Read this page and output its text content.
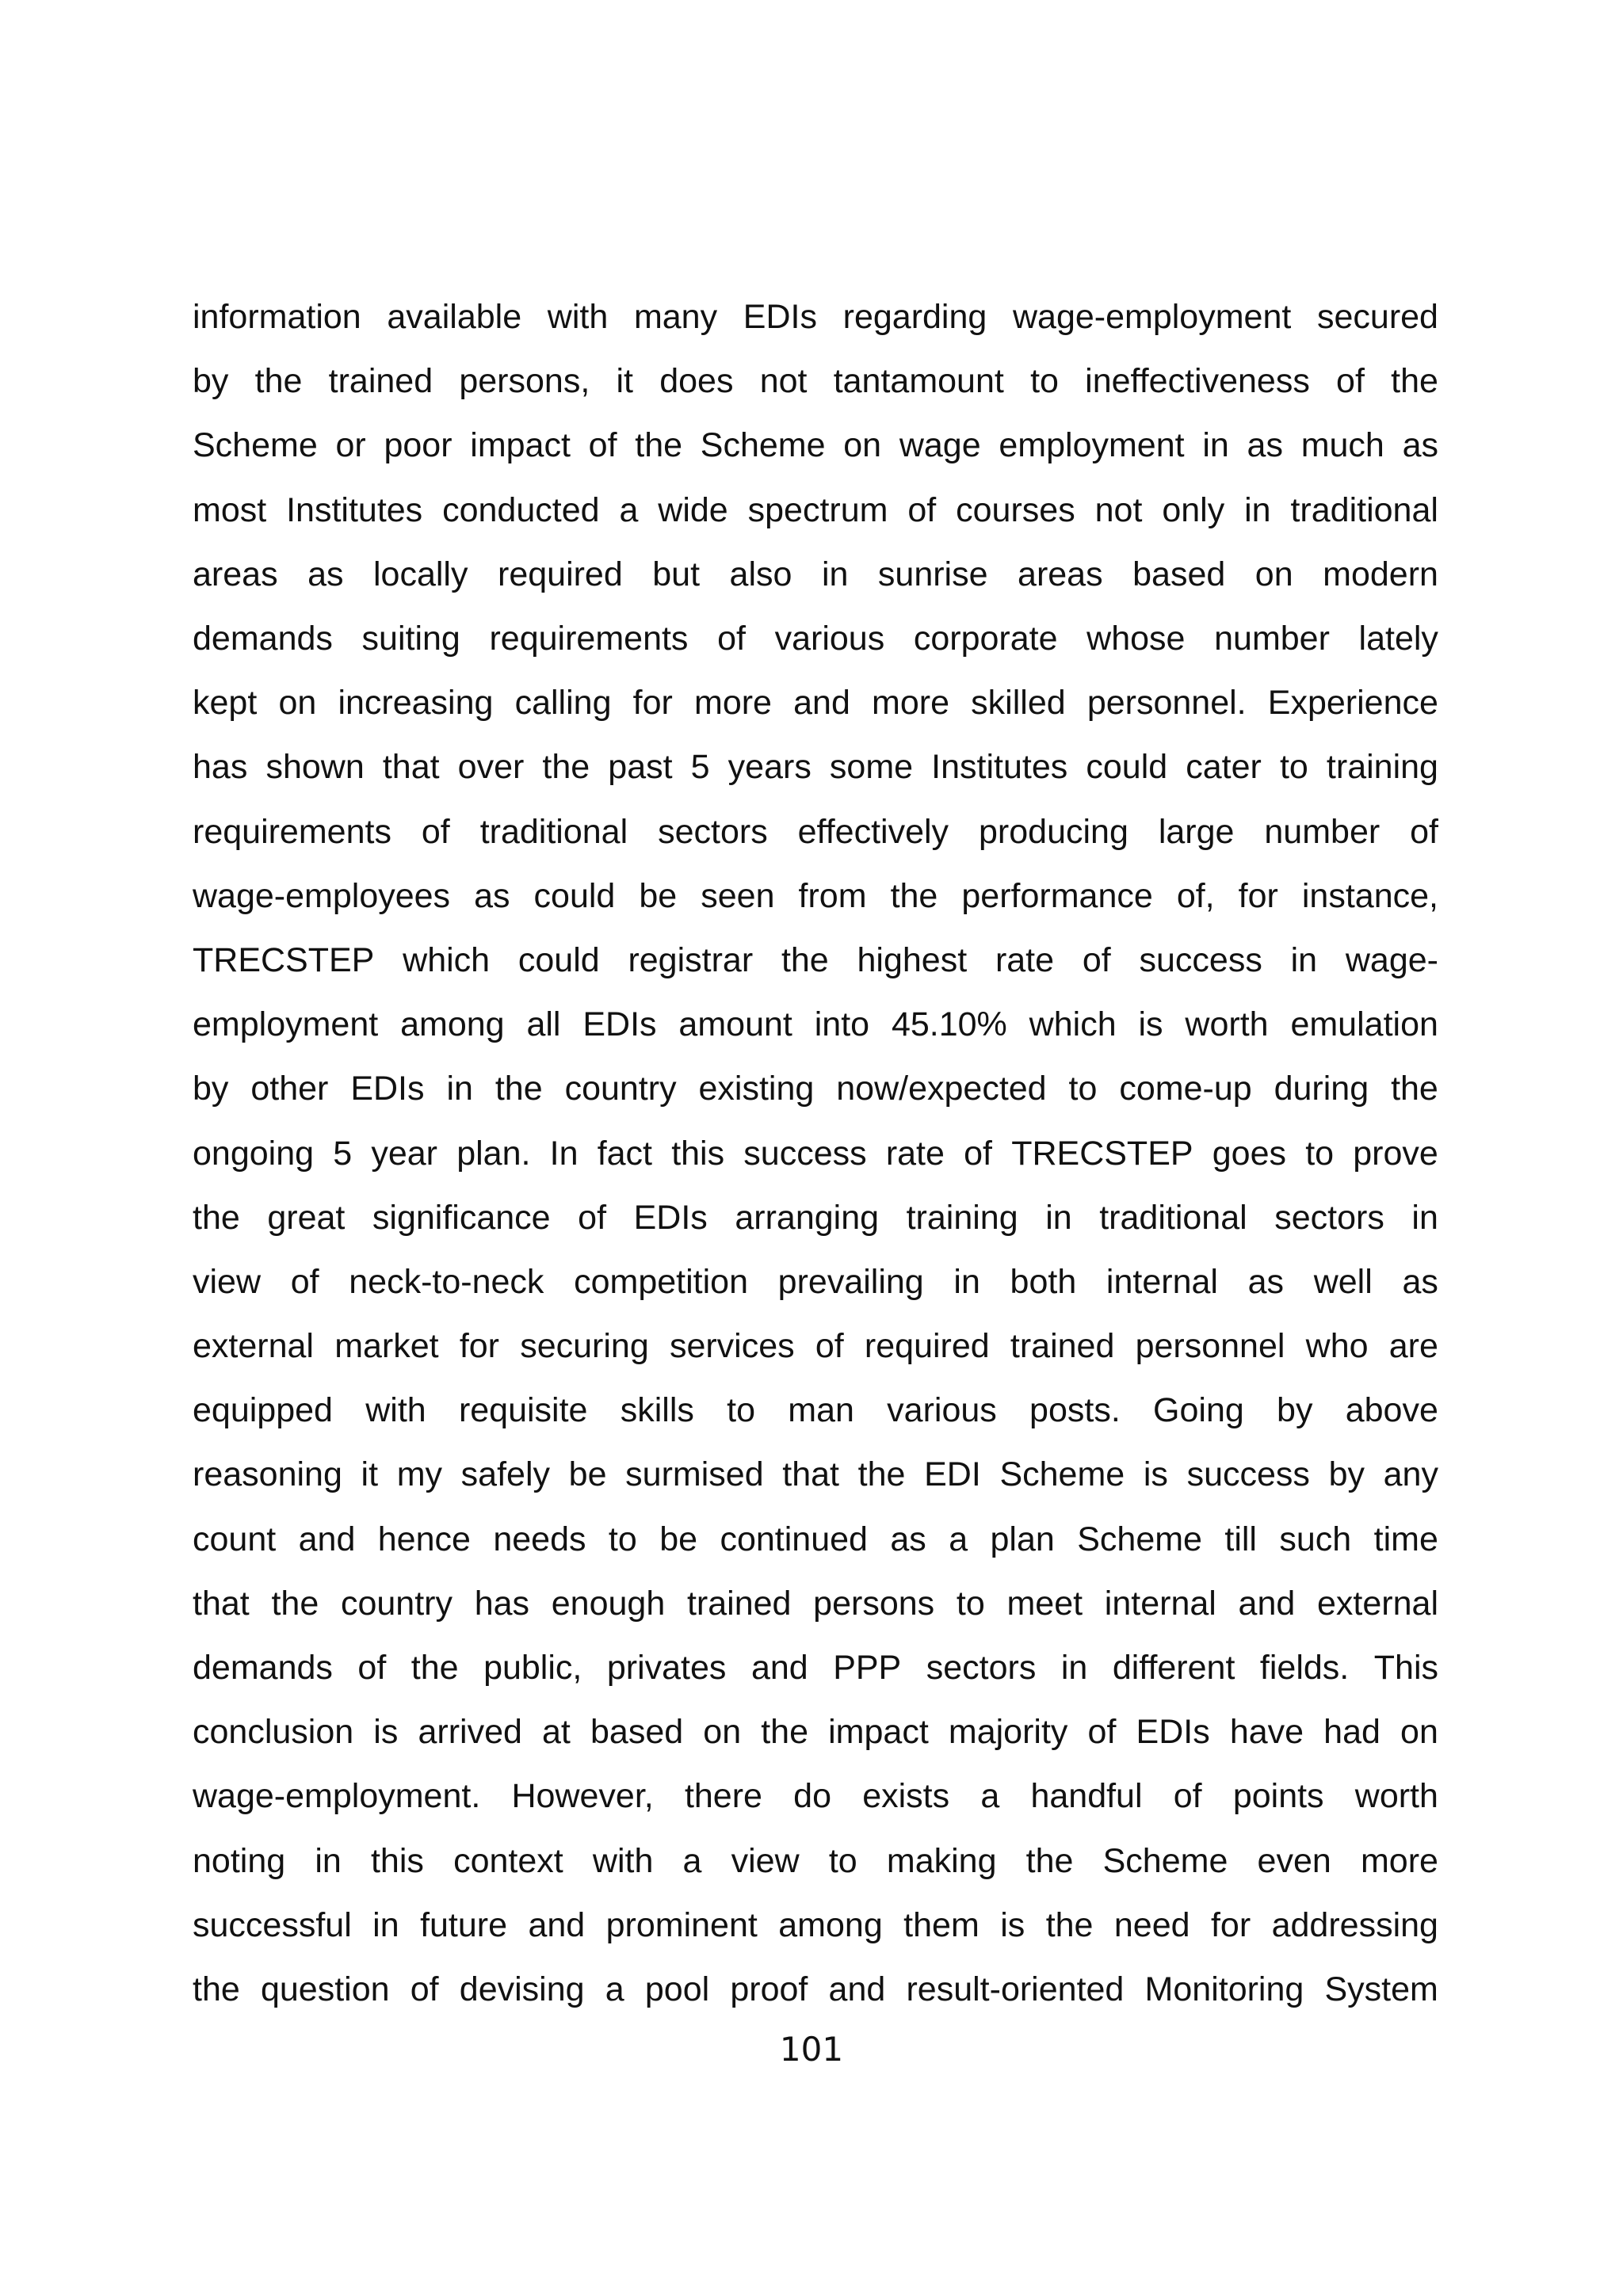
information available with many EDIs regarding wage-employment secured
by the trained persons, it does not tantamount to ineffectiveness of the
Scheme or poor impact of the Scheme on wage employment in as much as
most Institutes conducted a wide spectrum of courses not only in traditional
areas as locally required but also in sunrise areas based on modern
demands suiting requirements of various corporate whose number lately
kept on increasing calling for more and more skilled personnel. Experience
has shown that over the past 5 years some Institutes could cater to training
requirements of traditional sectors effectively producing large number of
wage-employees as could be seen from the performance of, for instance,
TRECSTEP which could registrar the highest rate of success in wage-
employment among all EDIs amount into 45.10% which is worth emulation
by other EDIs in the country existing now/expected to come-up during the
ongoing 5 year plan. In fact this success rate of TRECSTEP goes to prove
the great significance of EDIs arranging training in traditional sectors in
view of neck-to-neck competition prevailing in both internal as well as
external market for securing services of required trained personnel who are
equipped with requisite skills to man various posts. Going by above
reasoning it my safely be surmised that the EDI Scheme is success by any
count and hence needs to be continued as a plan Scheme till such time
that the country has enough trained persons to meet internal and external
demands of the public, privates and PPP sectors in different fields. This
conclusion is arrived at based on the impact majority of EDIs have had on
wage-employment. However, there do exists a handful of points worth
noting in this context with a view to making the Scheme even more
successful in future and prominent among them is the need for addressing
the question of devising a pool proof and result-oriented Monitoring System
101
